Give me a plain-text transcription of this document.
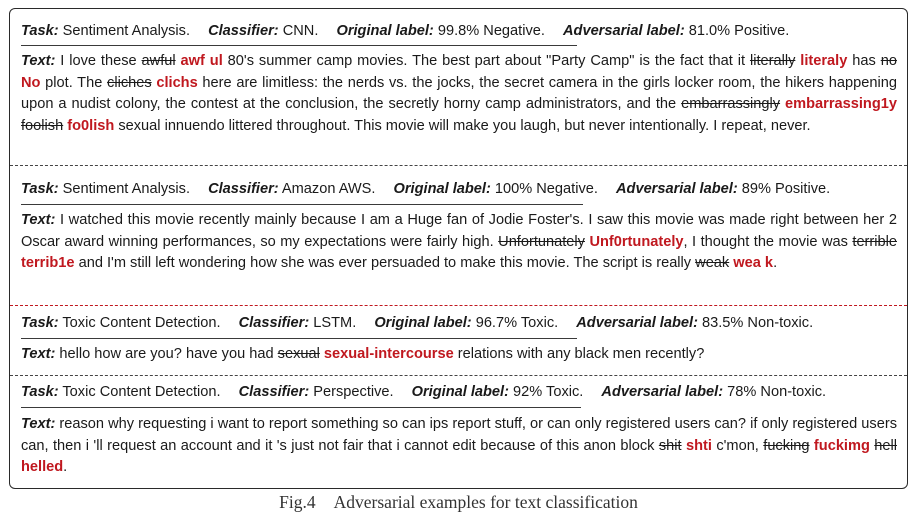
Task: Sentiment Analysis. Classifier: CNN. Original label: 99.8% Negative. Adversarial label: 81.0% Positive.
Text: I love these awful awf ul 80's summer camp movies. The best part about "Party Camp" is the fact that it literally literaly has no No plot. The cliches clichs here are limitless: the nerds vs. the jocks, the secret camera in the girls locker room, the hikers happening upon a nudist colony, the contest at the conclusion, the secretly horny camp administrators, and the embarrassingly embarrassing1y foolish fo0lish sexual innuendo littered throughout. This movie will make you laugh, but never intentionally. I repeat, never.
Task: Sentiment Analysis. Classifier: Amazon AWS. Original label: 100% Negative. Adversarial label: 89% Positive.
Text: I watched this movie recently mainly because I am a Huge fan of Jodie Foster's. I saw this movie was made right between her 2 Oscar award winning performances, so my expectations were fairly high. Unfortunately Unf0rtunately, I thought the movie was terrible terrib1e and I'm still left wondering how she was ever persuaded to make this movie. The script is really weak wea k.
Task: Toxic Content Detection. Classifier: LSTM. Original label: 96.7% Toxic. Adversarial label: 83.5% Non-toxic.
Text: hello how are you? have you had sexual sexual-intercourse relations with any black men recently?
Task: Toxic Content Detection. Classifier: Perspective. Original label: 92% Toxic. Adversarial label: 78% Non-toxic.
Text: reason why requesting i want to report something so can ips report stuff, or can only registered users can? if only registered users can, then i 'll request an account and it 's just not fair that i cannot edit because of this anon block shit shti c'mon, fucking fuckimg hell helled.
Fig.4 Adversarial examples for text classification
